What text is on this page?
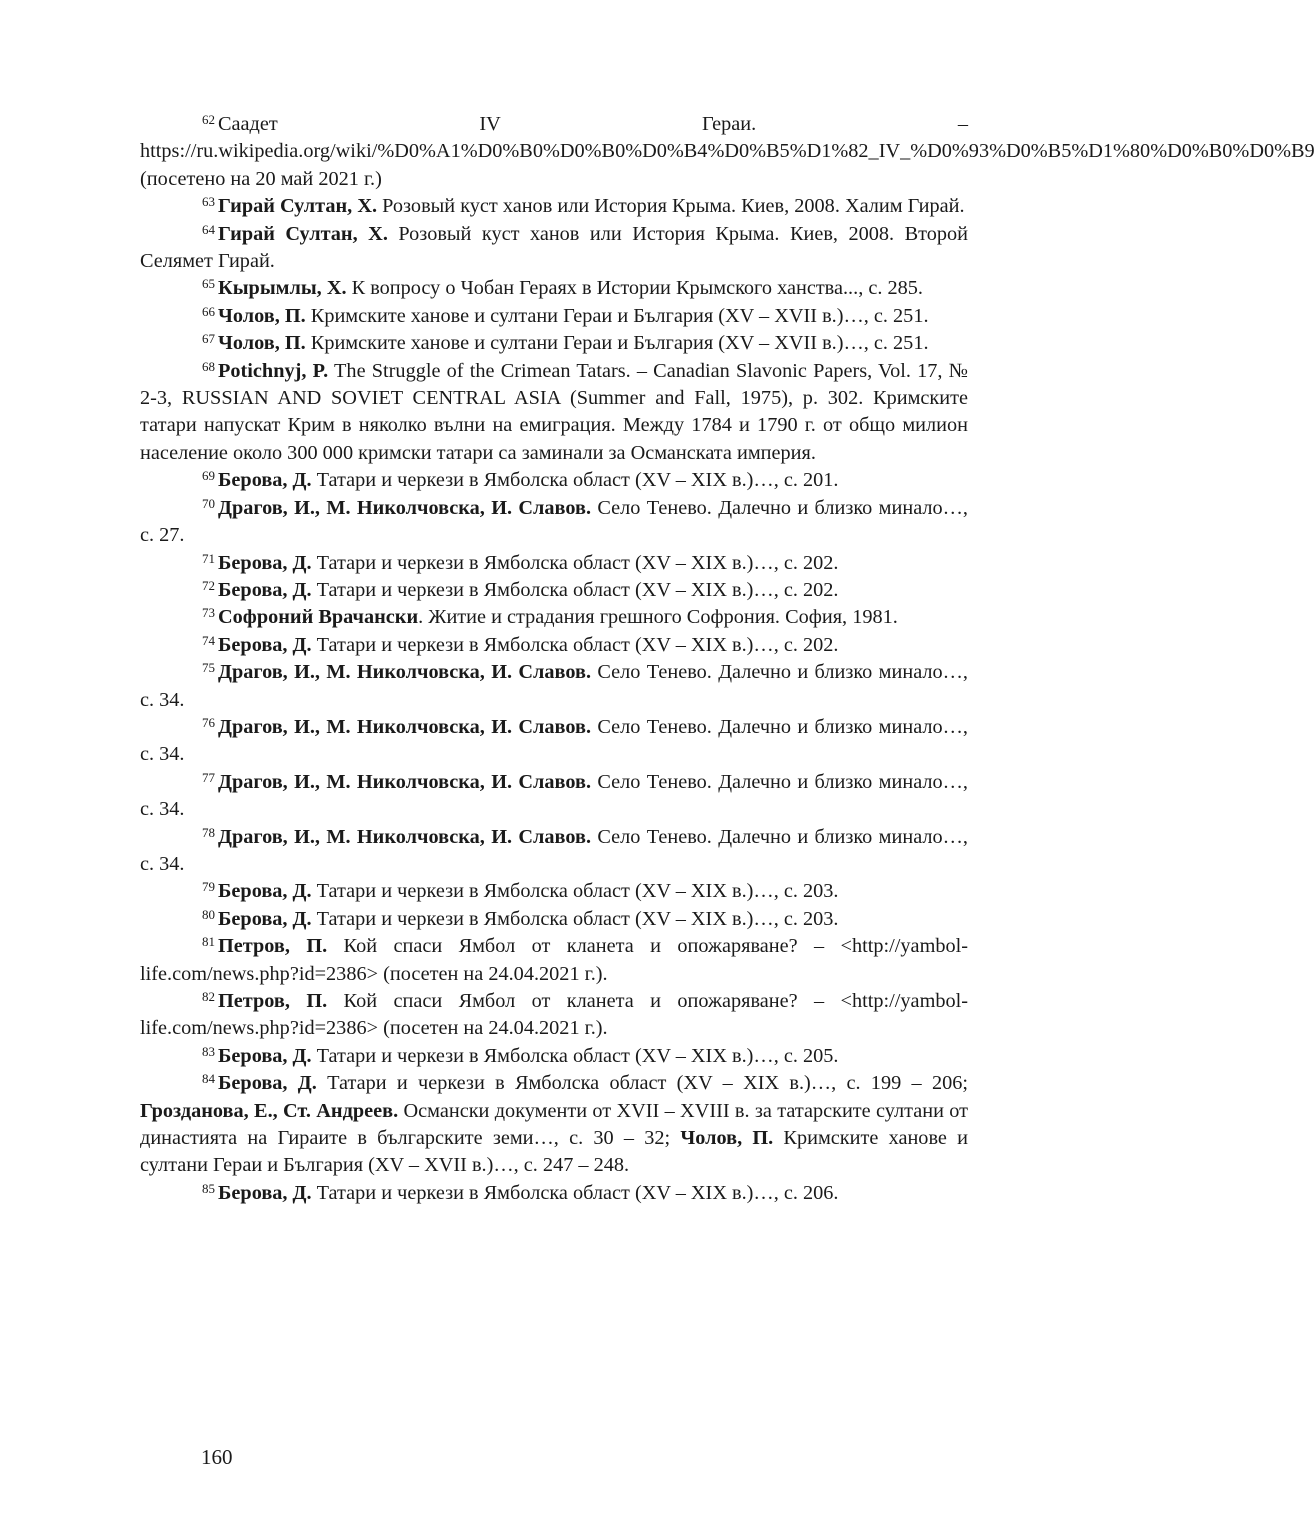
$^{62}$ Саадет IV Гераи. – https://ru.wikipedia.org/wiki/%D0%A1%D0%B0%D0%B0%D0%B4%D0%B5%D1%82_IV_%D0%93%D0%B5%D1%80%D0%B0%D0%B9 (посетено на 20 май 2021 г.)

$^{63}$ Гирай Султан, Х. Розовый куст ханов или История Крыма. Киев, 2008. Халим Гирай.

$^{64}$ Гирай Султан, Х. Розовый куст ханов или История Крыма. Киев, 2008. Второй Селямет Гирай.

$^{65}$ Кырымлы, Х. К вопросу о Чобан Гераях в Истории Крымского ханства..., с. 285.

$^{66}$ Чолов, П. Кримските ханове и султани Гераи и България (XV – XVII в.)…, с. 251.

$^{67}$ Чолов, П. Кримските ханове и султани Гераи и България (XV – XVII в.)…, с. 251.

$^{68}$ Potichnyj, P. The Struggle of the Crimean Tatars. – Canadian Slavonic Papers, Vol. 17, № 2-3, RUSSIAN AND SOVIET CENTRAL ASIA (Summer and Fall, 1975), p. 302. Кримските татари напускат Крим в няколко вълни на емиграция. Между 1784 и 1790 г. от общо милион население около 300 000 кримски татари са заминали за Османската империя.

$^{69}$ Берова, Д. Татари и черкези в Ямболска област (XV – XIX в.)…, с. 201.

$^{70}$ Драгов, И., М. Николчовска, И. Славов. Село Тенево. Далечно и близко минало…, с. 27.

$^{71}$ Берова, Д. Татари и черкези в Ямболска област (XV – XIX в.)…, с. 202.

$^{72}$ Берова, Д. Татари и черкези в Ямболска област (XV – XIX в.)…, с. 202.

$^{73}$ Софроний Врачански. Житие и страдания грешного Софрония. София, 1981.

$^{74}$ Берова, Д. Татари и черкези в Ямболска област (XV – XIX в.)…, с. 202.

$^{75}$ Драгов, И., М. Николчовска, И. Славов. Село Тенево. Далечно и близко минало…, с. 34.

$^{76}$ Драгов, И., М. Николчовска, И. Славов. Село Тенево. Далечно и близко минало…, с. 34.

$^{77}$ Драгов, И., М. Николчовска, И. Славов. Село Тенево. Далечно и близко минало…, с. 34.

$^{78}$ Драгов, И., М. Николчовска, И. Славов. Село Тенево. Далечно и близко минало…, с. 34.

$^{79}$ Берова, Д. Татари и черкези в Ямболска област (XV – XIX в.)…, с. 203.

$^{80}$ Берова, Д. Татари и черкези в Ямболска област (XV – XIX в.)…, с. 203.

$^{81}$ Петров, П. Кой спаси Ямбол от кланета и опожаряване? – <http://yambol-life.com/news.php?id=2386> (посетен на 24.04.2021 г.).

$^{82}$ Петров, П. Кой спаси Ямбол от кланета и опожаряване? – <http://yambol-life.com/news.php?id=2386> (посетен на 24.04.2021 г.).

$^{83}$ Берова, Д. Татари и черкези в Ямболска област (XV – XIX в.)…, с. 205.

$^{84}$ Берова, Д. Татари и черкези в Ямболска област (XV – XIX в.)…, с. 199 – 206; Грозданова, Е., Ст. Андреев. Османски документи от XVII – XVIII в. за татарските султани от династията на Гираите в българските земи…, с. 30 – 32; Чолов, П. Кримските ханове и султани Гераи и България (XV – XVII в.)…, с. 247 – 248.

$^{85}$ Берова, Д. Татари и черкези в Ямболска област (XV – XIX в.)…, с. 206.

160
